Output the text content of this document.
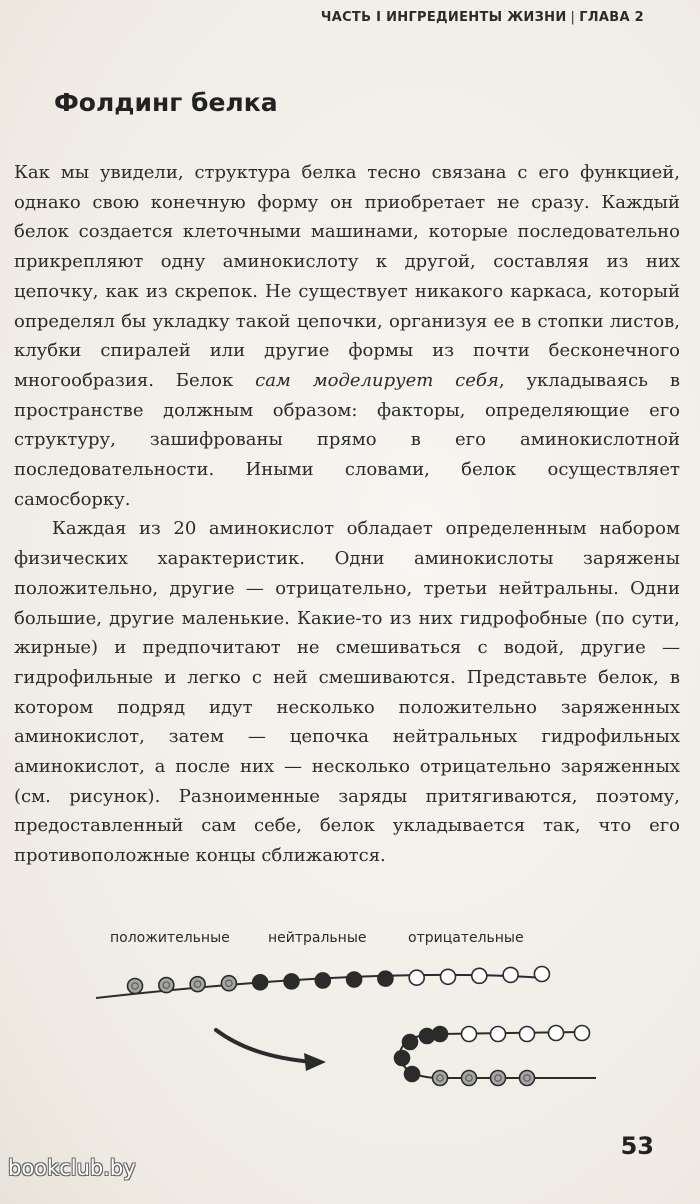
ЧАСТЬ I ИНГРЕДИЕНТЫ ЖИЗНИ | ГЛАВА 2
Фолдинг белка

Как мы увидели, структура белка тесно связана с его функцией, однако свою конечную форму он приобретает не сразу. Каждый белок создается клеточными машинами, которые последовательно прикрепляют одну аминокислоту к другой, составляя из них цепочку, как из скрепок. Не существует никакого каркаса, который определял бы укладку такой цепочки, организуя ее в стопки листов, клубки спиралей или другие формы из почти бесконечного многообразия. Белок сам моделирует себя, укладываясь в пространстве должным образом: факторы, определяющие его структуру, зашифрованы прямо в его аминокислотной последовательности. Иными словами, белок осуществляет самосборку.

Каждая из 20 аминокислот обладает определенным набором физических характеристик. Одни аминокислоты заряжены положительно, другие — отрицательно, третьи нейтральны. Одни большие, другие маленькие. Какие-то из них гидрофобные (по сути, жирные) и предпочитают не смешиваться с водой, другие — гидрофильные и легко с ней смешиваются. Представьте белок, в котором подряд идут несколько положительно заряженных аминокислот, затем — цепочка нейтральных гидрофильных аминокислот, а после них — несколько отрицательно заряженных (см. рисунок). Разноименные заряды притягиваются, поэтому, предоставленный сам себе, белок укладывается так, что его противоположные концы сближаются.

положительные	нейтральные	отрицательные
53
bookclub.by
